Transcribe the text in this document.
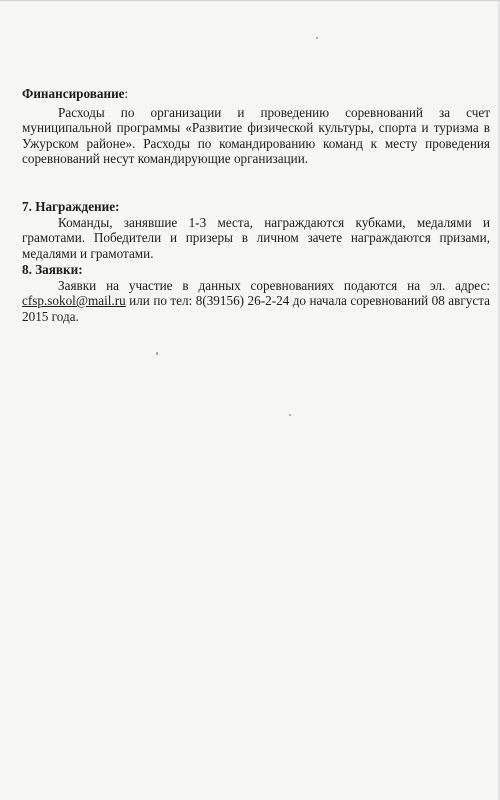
Финансирование:
Расходы по организации и проведению соревнований за счет муниципальной программы «Развитие физической культуры, спорта и туризма в Ужурском районе». Расходы по командированию команд к месту проведения соревнований несут командирующие организации.
7. Награждение:
Команды, занявшие 1-3 места, награждаются кубками, медалями и грамотами. Победители и призеры в личном зачете награждаются призами, медалями и грамотами.
8. Заявки:
Заявки на участие в данных соревнованиях подаются на эл. адрес: cfsp.sokol@mail.ru или по тел: 8(39156) 26-2-24 до начала соревнований 08 августа 2015 года.
